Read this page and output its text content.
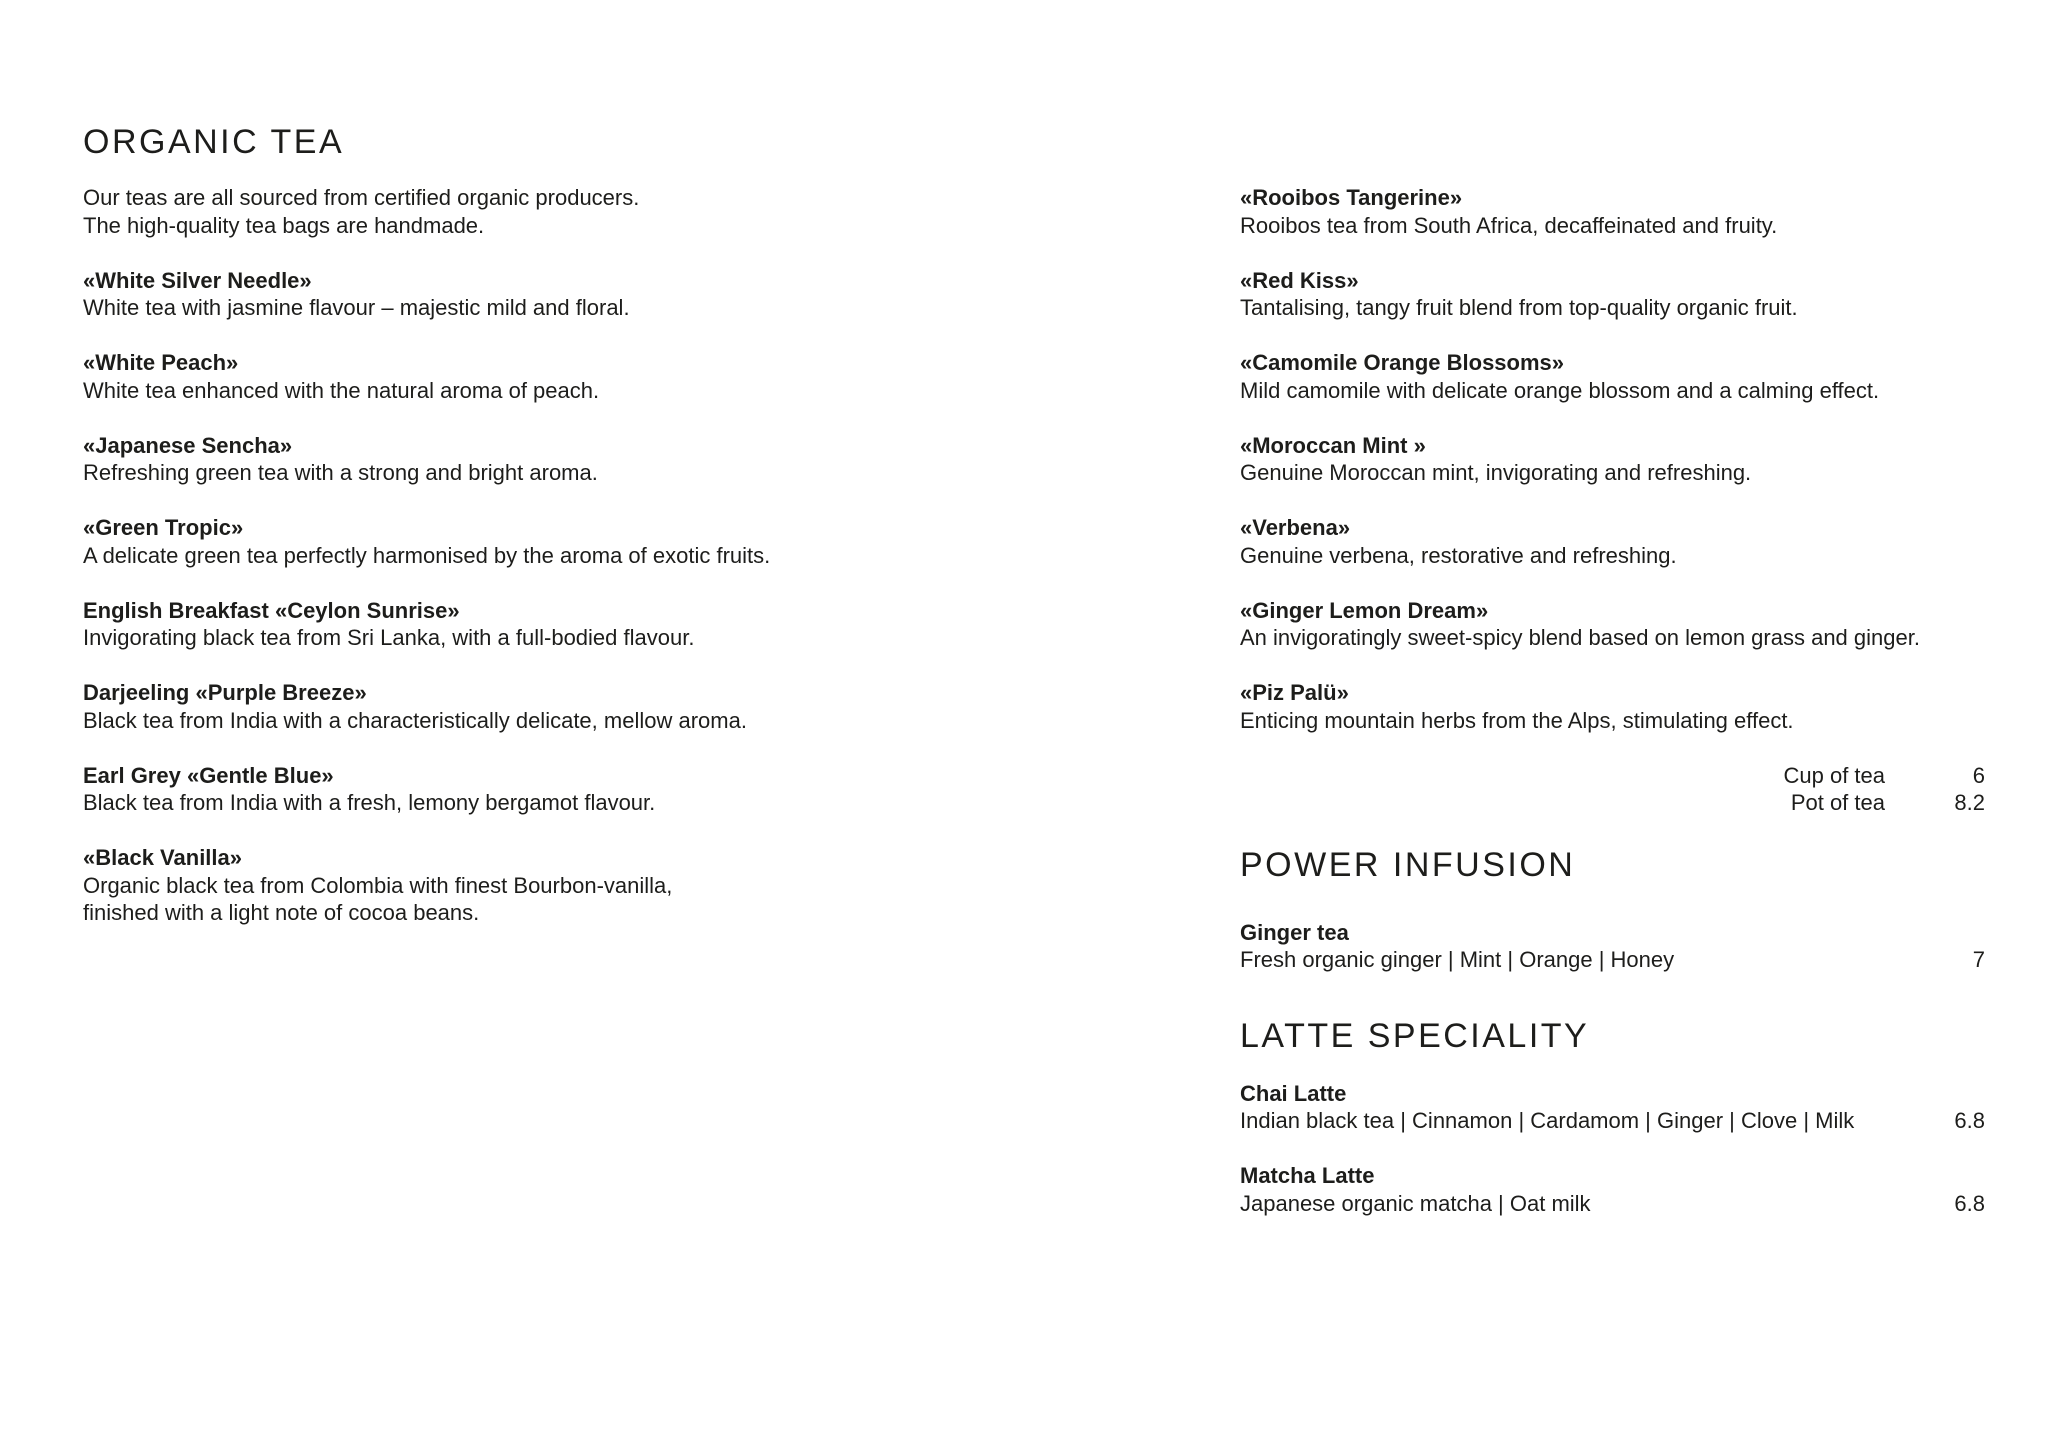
ORGANIC TEA

Our teas are all sourced from certified organic producers.
The high-quality tea bags are handmade.

«White Silver Needle»
White tea with jasmine flavour – majestic mild and floral.
«White Peach»
White tea enhanced with the natural aroma of peach.
«Japanese Sencha»
Refreshing green tea with a strong and bright aroma.
«Green Tropic»
A delicate green tea perfectly harmonised by the aroma of exotic fruits.
English Breakfast «Ceylon Sunrise»
Invigorating black tea from Sri Lanka, with a full-bodied flavour.
Darjeeling «Purple Breeze»
Black tea from India with a characteristically delicate, mellow aroma.
Earl Grey «Gentle Blue»
Black tea from India with a fresh, lemony bergamot flavour.
«Black Vanilla»
Organic black tea from Colombia with finest Bourbon-vanilla,
finished with a light note of cocoa beans.
«Rooibos Tangerine»
Rooibos tea from South Africa, decaffeinated and fruity.
«Red Kiss»
Tantalising, tangy fruit blend from top-quality organic fruit.
«Camomile Orange Blossoms»
Mild camomile with delicate orange blossom and a calming effect.
«Moroccan Mint »
Genuine Moroccan mint, invigorating and refreshing.
«Verbena»
Genuine verbena, restorative and refreshing.
«Ginger Lemon Dream»
An invigoratingly sweet-spicy blend based on lemon grass and ginger.
«Piz Palü»
Enticing mountain herbs from the Alps, stimulating effect.
Cup of tea	6
Pot of tea	8.2
POWER INFUSION
Ginger tea
Fresh organic ginger | Mint | Orange | Honey	7
LATTE SPECIALITY
Chai Latte
Indian black tea | Cinnamon | Cardamom | Ginger | Clove | Milk	6.8
Matcha Latte
Japanese organic matcha | Oat milk	6.8
